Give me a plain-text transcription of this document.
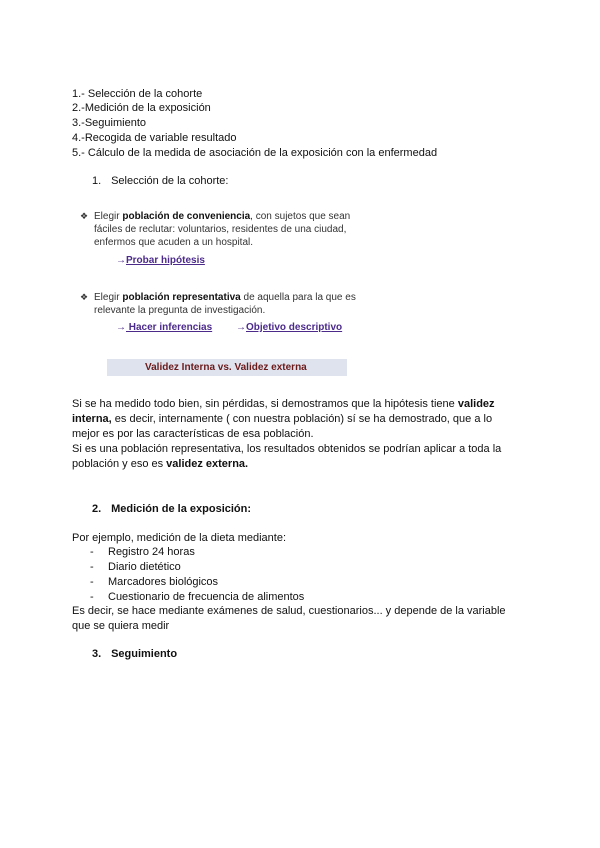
1.- Selección de la cohorte
2.-Medición de la exposición
3.-Seguimiento
4.-Recogida de variable resultado
5.- Cálculo de la medida de asociación de la exposición con la enfermedad
1. Selección de la cohorte:
❖ Elegir población de conveniencia, con sujetos que sean fáciles de reclutar: voluntarios, residentes de una ciudad, enfermos que acuden a un hospital.
→Probar hipótesis
❖ Elegir población representativa de aquella para la que es relevante la pregunta de investigación.
→ Hacer inferencias →Objetivo descriptivo
Validez Interna vs. Validez externa
Si se ha medido todo bien, sin pérdidas, si demostramos que la hipótesis tiene validez interna, es decir, internamente ( con nuestra población) sí se ha demostrado, que a lo mejor es por las características de esa población.
Si es una población representativa, los resultados obtenidos se podrían aplicar a toda la población y eso es validez externa.
2. Medición de la exposición:
Por ejemplo, medición de la dieta mediante:
- Registro 24 horas
- Diario dietético
- Marcadores biológicos
- Cuestionario de frecuencia de alimentos
Es decir, se hace mediante exámenes de salud, cuestionarios... y depende de la variable que se quiera medir
3. Seguimiento
